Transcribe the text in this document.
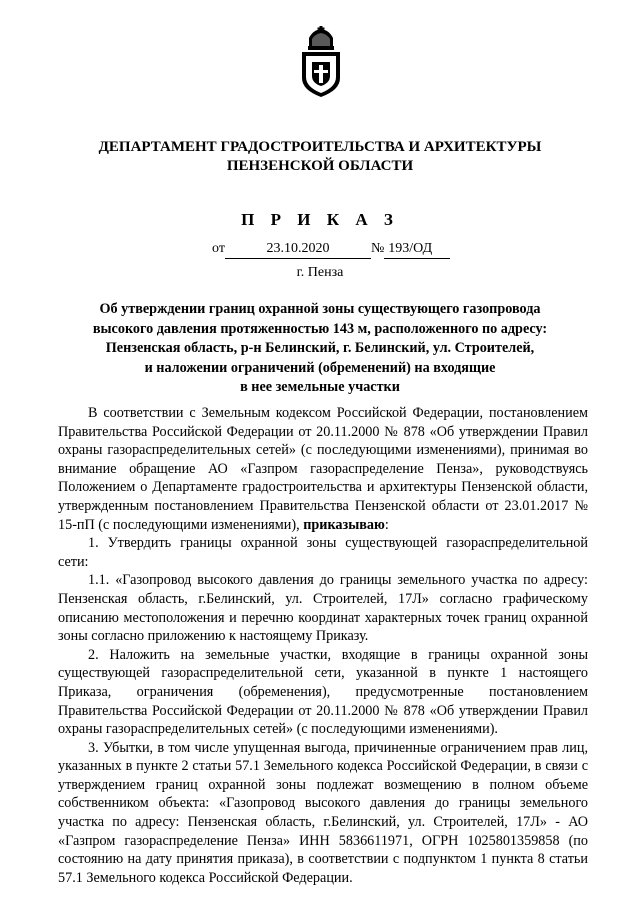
ДЕПАРТАМЕНТ ГРАДОСТРОИТЕЛЬСТВА И АРХИТЕКТУРЫ
ПЕНЗЕНСКОЙ ОБЛАСТИ
П Р И К А З
от	23.10.2020	№ 193/ОД
г. Пенза
Об утверждении границ охранной зоны существующего газопровода
высокого давления протяженностью 143 м, расположенного по адресу:
Пензенская область, р-н Белинский, г. Белинский, ул. Строителей,
и наложении ограничений (обременений) на входящие
в нее земельные участки

В соответствии с Земельным кодексом Российской Федерации, постановлением Правительства Российской Федерации от 20.11.2000 № 878 «Об утверждении Правил охраны газораспределительных сетей» (с последующими изменениями), принимая во внимание обращение АО «Газпром газораспределение Пенза», руководствуясь Положением о Департаменте градостроительства и архитектуры Пензенской области, утвержденным постановлением Правительства Пензенской области от 23.01.2017 № 15-пП (с последующими изменениями), приказываю:

1. Утвердить границы охранной зоны существующей газораспределительной сети:

1.1. «Газопровод высокого давления до границы земельного участка по адресу: Пензенская область, г.Белинский, ул. Строителей, 17Л» согласно графическому описанию местоположения и перечню координат характерных точек границ охранной зоны согласно приложению к настоящему Приказу.

2. Наложить на земельные участки, входящие в границы охранной зоны существующей газораспределительной сети, указанной в пункте 1 настоящего Приказа, ограничения (обременения), предусмотренные постановлением Правительства Российской Федерации от 20.11.2000 № 878 «Об утверждении Правил охраны газораспределительных сетей» (с последующими изменениями).

3. Убытки, в том числе упущенная выгода, причиненные ограничением прав лиц, указанных в пункте 2 статьи 57.1 Земельного кодекса Российской Федерации, в связи с утверждением границ охранной зоны подлежат возмещению в полном объеме собственником объекта: «Газопровод высокого давления до границы земельного участка по адресу: Пензенская область, г.Белинский, ул. Строителей, 17Л» - АО «Газпром газораспределение Пенза» ИНН 5836611971, ОГРН 1025801359858 (по состоянию на дату принятия приказа), в соответствии с подпунктом 1 пункта 8 статьи 57.1 Земельного кодекса Российской Федерации.
